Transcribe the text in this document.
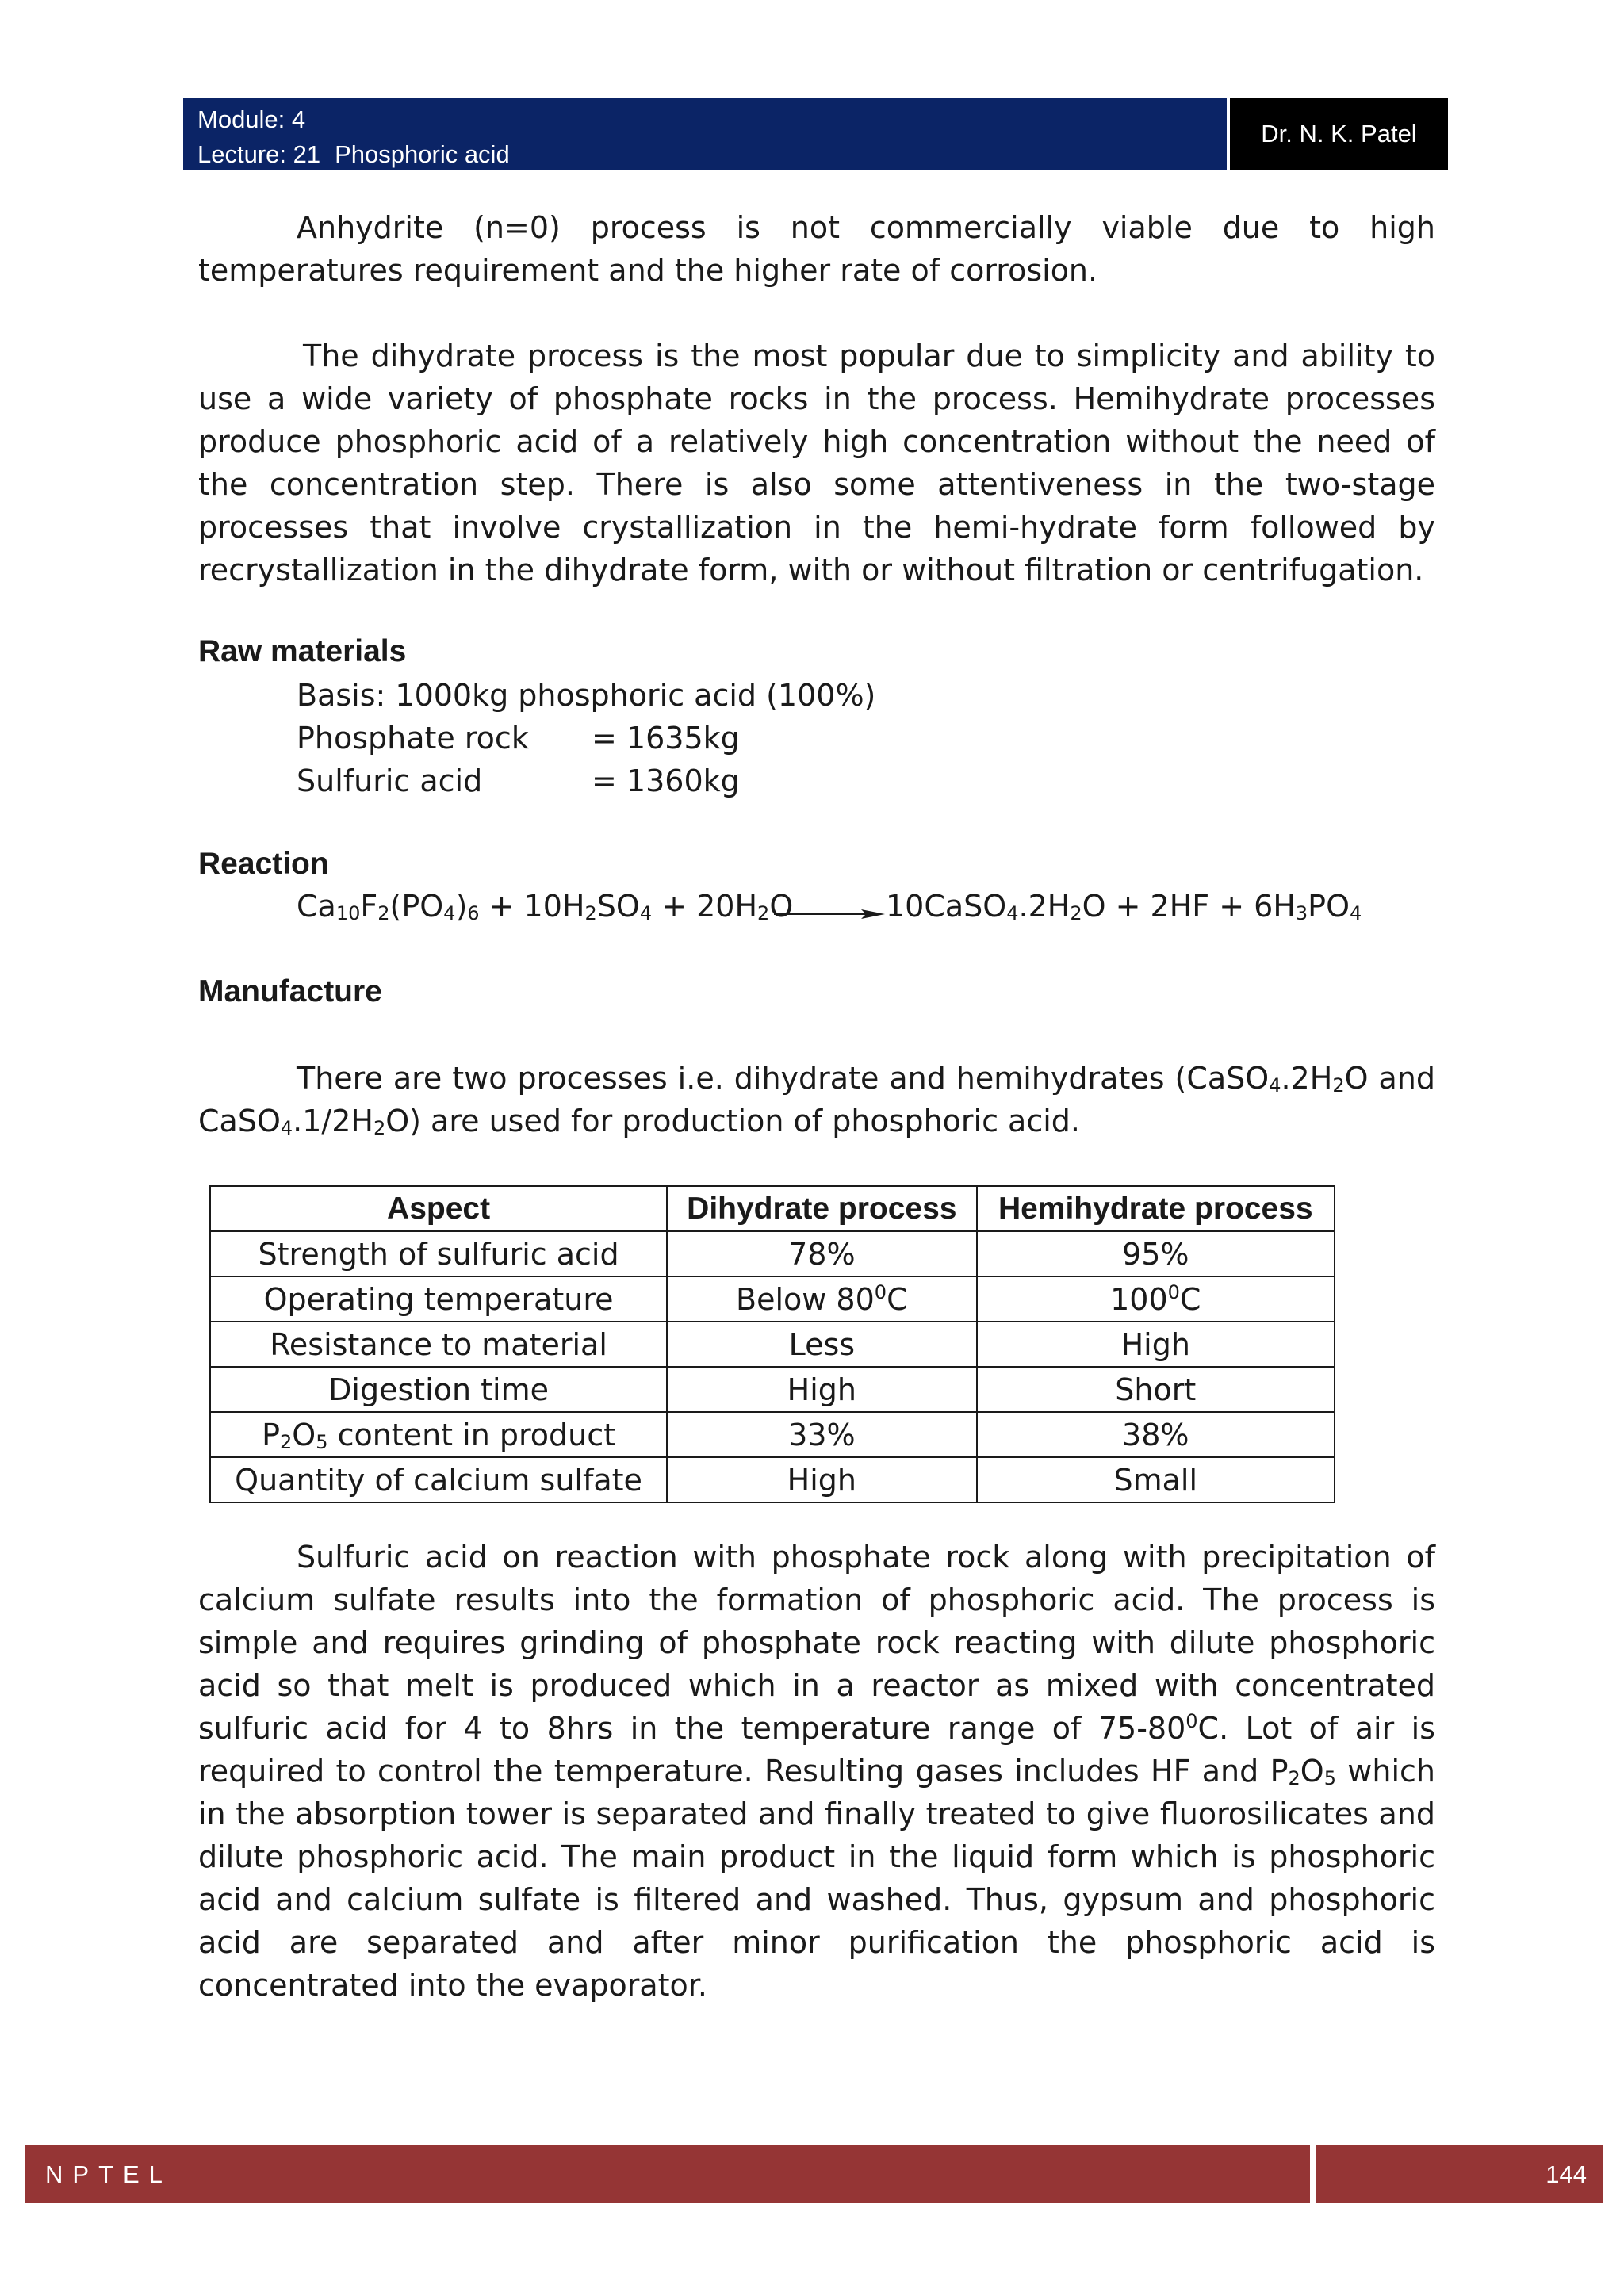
Module: 4
Lecture: 21 Phosphoric acid
Dr. N. K. Patel

Anhydrite (n=0) process is not commercially viable due to high temperatures requirement and the higher rate of corrosion.

The dihydrate process is the most popular due to simplicity and ability to use a wide variety of phosphate rocks in the process. Hemihydrate processes produce phosphoric acid of a relatively high concentration without the need of the concentration step. There is also some attentiveness in the two-stage processes that involve crystallization in the hemi-hydrate form followed by recrystallization in the dihydrate form, with or without filtration or centrifugation.

Raw materials
Basis: 1000kg phosphoric acid (100%)
Phosphate rock = 1635kg
Sulfuric acid	= 1360kg
Reaction
$Ca_{10}F_2(PO_4)_6 + 10H_2SO_4 + 20H_2O$	$10CaSO_4.2H_2O + 2HF + 6H_3PO_4$
Manufacture

There are two processes i.e. dihydrate and hemihydrates ($CaSO_4.2H_2O$ and $CaSO_4.1/2H_2O$) are used for production of phosphoric acid.

Aspect	Dihydrate process	Hemihydrate process
Strength of sulfuric acid	78%	95%
Operating temperature	Below $80^0C$	$100^0C$
Resistance to material	Less	High
Digestion time	High	Short
$P_2O_5$ content in product	33%	38%
Quantity of calcium sulfate	High	Small

Sulfuric acid on reaction with phosphate rock along with precipitation of calcium sulfate results into the formation of phosphoric acid. The process is simple and requires grinding of phosphate rock reacting with dilute phosphoric acid so that melt is produced which in a reactor as mixed with concentrated sulfuric acid for 4 to 8hrs in the temperature range of $75-80^0C$. Lot of air is required to control the temperature. Resulting gases includes HF and $P_2O_5$ which in the absorption tower is separated and finally treated to give fluorosilicates and dilute phosphoric acid. The main product in the liquid form which is phosphoric acid and calcium sulfate is filtered and washed. Thus, gypsum and phosphoric acid are separated and after minor purification the phosphoric acid is concentrated into the evaporator.

NPTEL	144
